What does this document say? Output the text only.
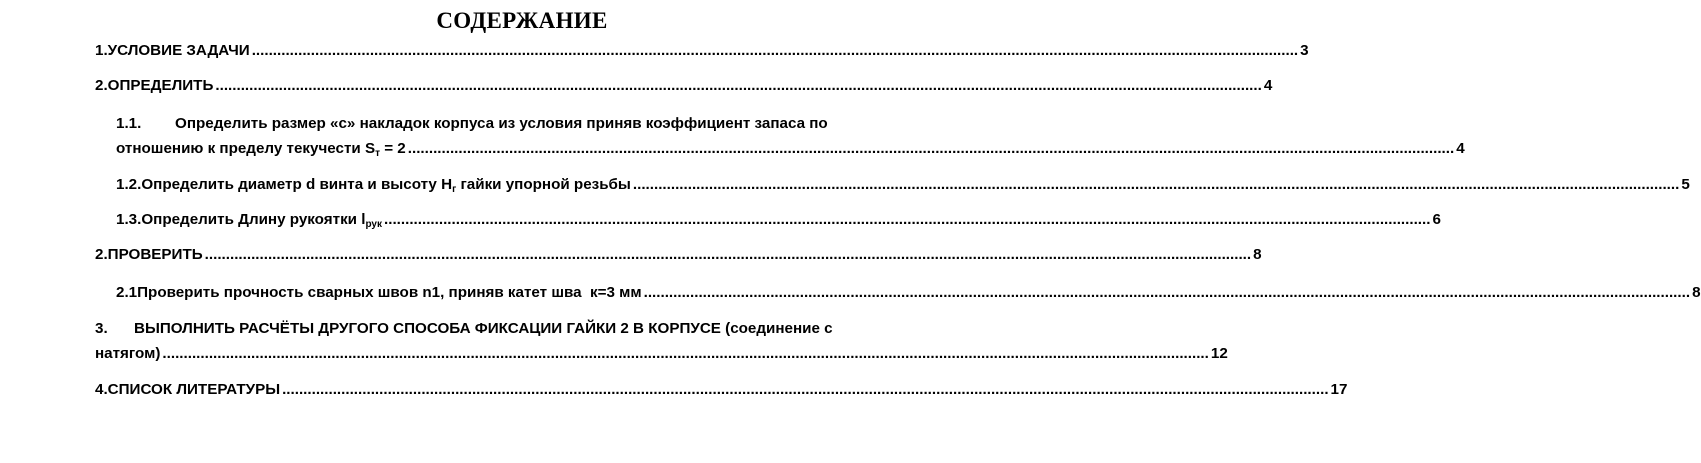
СОДЕРЖАНИЕ
1. УСЛОВИЕ ЗАДАЧИ ........................................................................................................................................................................................................................................................ 3
2. ОПРЕДЕЛИТЬ ........................................................................................................................................................................................................................................................ 4
1.1.	Определить размер «с» накладок корпуса из условия приняв коэффициент запаса по
отношению к пределу текучести $S_т = 2$ ........................................................................................................................................................................................................................................................ 4
1.2. Определить диаметр d винта и высоту $H_г$ гайки упорной резьбы ........................................................................................................................................................................................................................................................ 5
1.3. Определить Длину рукоятки $l_{рук}$ ........................................................................................................................................................................................................................................................ 6
2. ПРОВЕРИТЬ ........................................................................................................................................................................................................................................................ 8
2.1 Проверить прочность сварных швов n1, приняв катет шва  к=3 мм ........................................................................................................................................................................................................................................................ 8
3.	ВЫПОЛНИТЬ РАСЧЁТЫ ДРУГОГО СПОСОБА ФИКСАЦИИ ГАЙКИ 2 В КОРПУСЕ (соединение с
натягом) ........................................................................................................................................................................................................................................................ 12
4. СПИСОК ЛИТЕРАТУРЫ ........................................................................................................................................................................................................................................................ 17
